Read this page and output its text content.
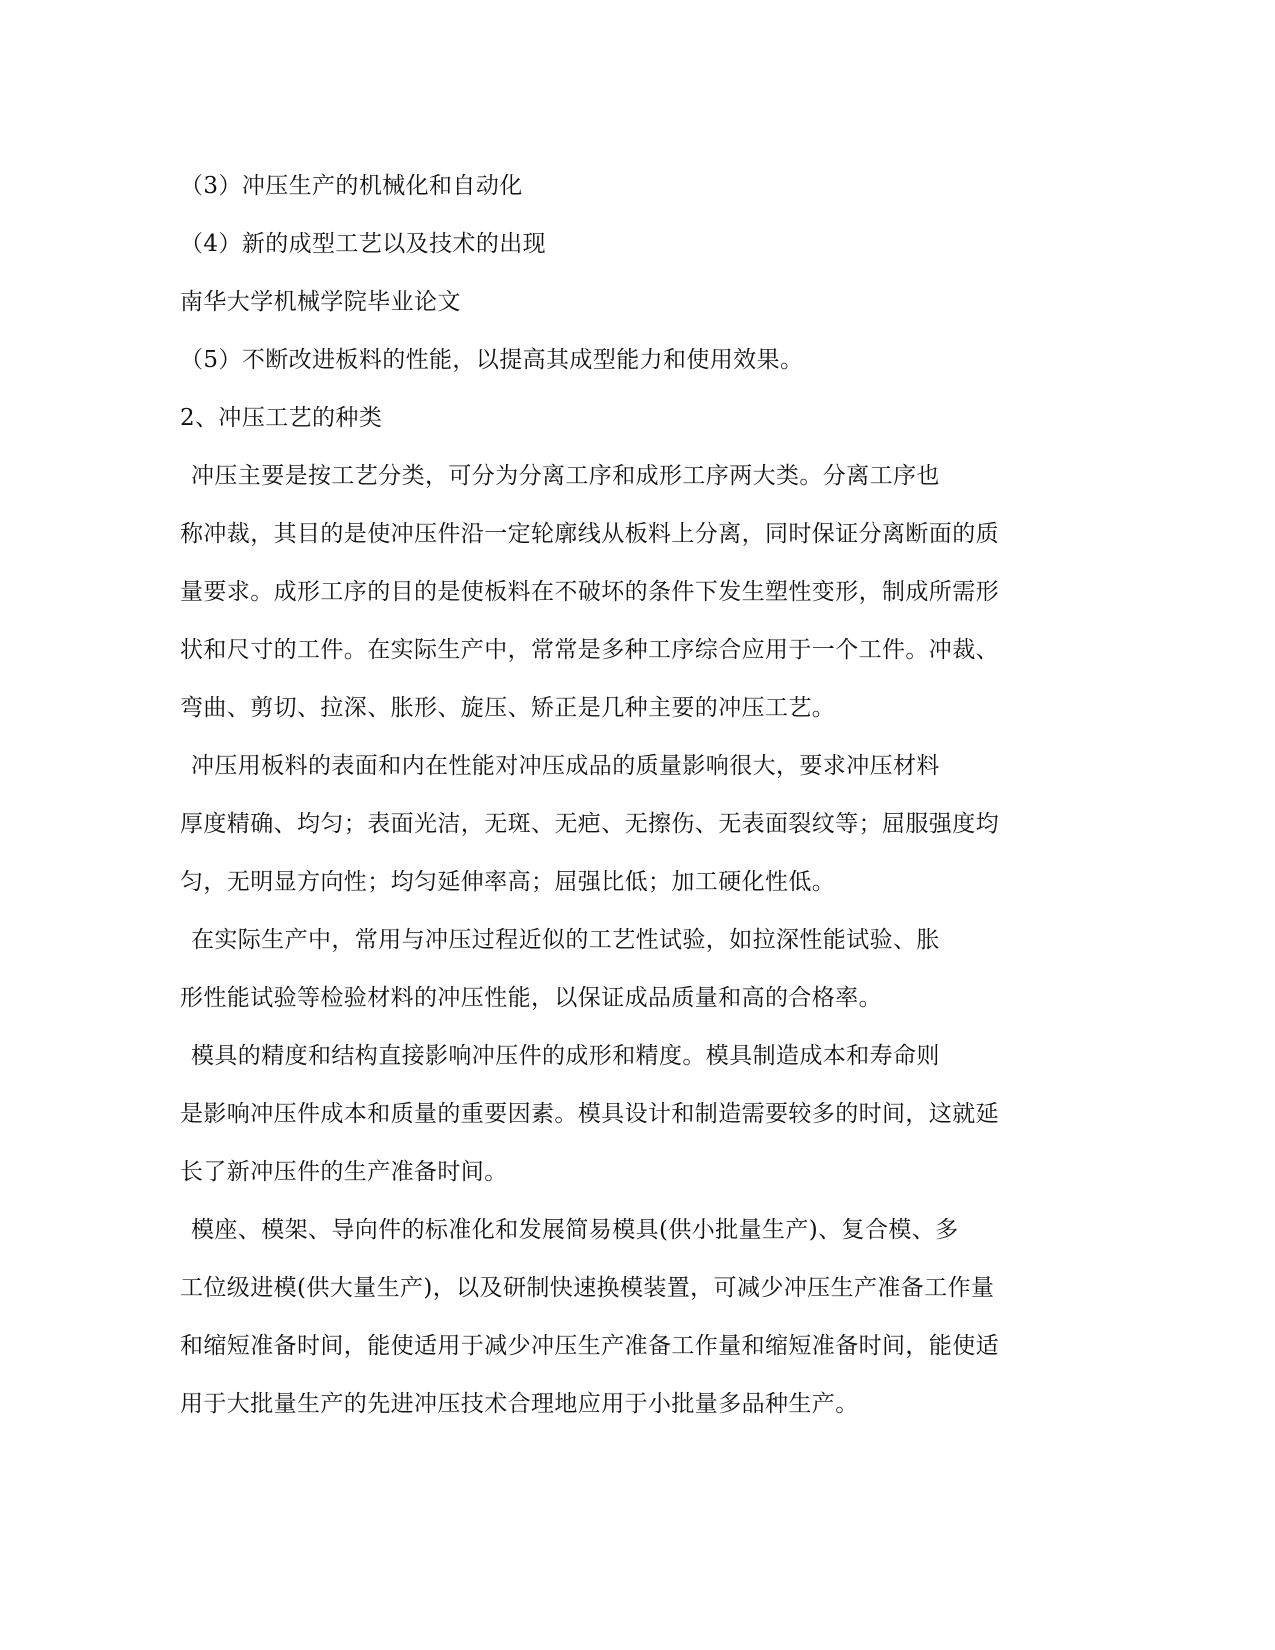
（3）冲压生产的机械化和自动化
（4）新的成型工艺以及技术的出现
南华大学机械学院毕业论文
（5）不断改进板料的性能，以提高其成型能力和使用效果。
2、冲压工艺的种类
冲压主要是按工艺分类，可分为分离工序和成形工序两大类。分离工序也
称冲裁，其目的是使冲压件沿一定轮廓线从板料上分离，同时保证分离断面的质
量要求。成形工序的目的是使板料在不破坏的条件下发生塑性变形，制成所需形
状和尺寸的工件。在实际生产中，常常是多种工序综合应用于一个工件。冲裁、
弯曲、剪切、拉深、胀形、旋压、矫正是几种主要的冲压工艺。
冲压用板料的表面和内在性能对冲压成品的质量影响很大，要求冲压材料
厚度精确、均匀；表面光洁，无斑、无疤、无擦伤、无表面裂纹等；屈服强度均
匀，无明显方向性；均匀延伸率高；屈强比低；加工硬化性低。
在实际生产中，常用与冲压过程近似的工艺性试验，如拉深性能试验、胀
形性能试验等检验材料的冲压性能，以保证成品质量和高的合格率。
模具的精度和结构直接影响冲压件的成形和精度。模具制造成本和寿命则
是影响冲压件成本和质量的重要因素。模具设计和制造需要较多的时间，这就延
长了新冲压件的生产准备时间。
模座、模架、导向件的标准化和发展简易模具(供小批量生产)、复合模、多
工位级进模(供大量生产)，以及研制快速换模装置，可减少冲压生产准备工作量
和缩短准备时间，能使适用于减少冲压生产准备工作量和缩短准备时间，能使适
用于大批量生产的先进冲压技术合理地应用于小批量多品种生产。
